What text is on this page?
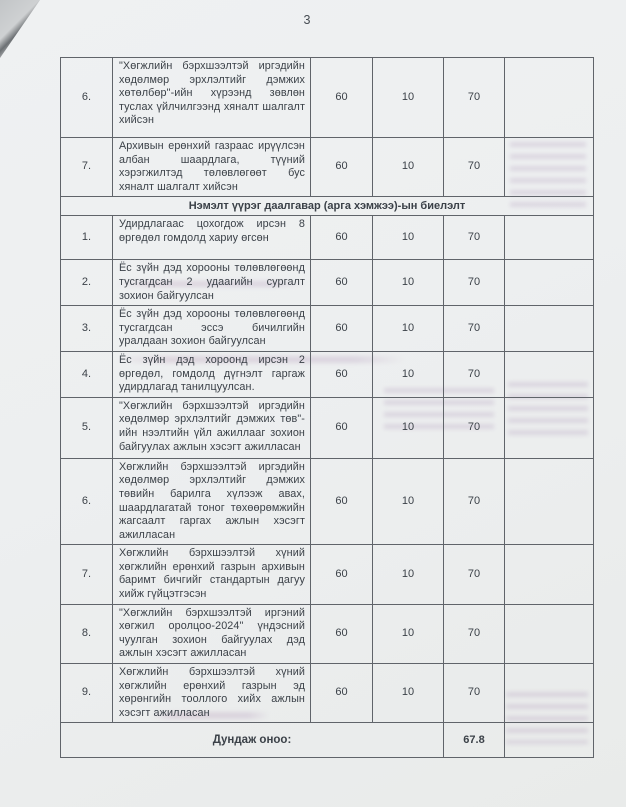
3
6.	"Хөгжлийн бэрхшээлтэй иргэдийн хөдөлмөр эрхлэлтийг дэмжих хөтөлбөр"-ийн хүрээнд зөвлөн туслах үйлчилгээнд хяналт шалгалт хийсэн	60	10	70	
7.	Архивын ерөнхий газраас ирүүлсэн албан шаардлага, түүний хэрэгжилтэд төлөвлөгөөт бус хяналт шалгалт хийсэн	60	10	70	
Нэмэлт үүрэг даалгавар (арга хэмжээ)-ын биелэлт					
1.	Удирдлагаас цохогдож ирсэн 8 өргөдөл гомдолд хариу өгсөн	60	10	70	
2.	Ёс зүйн дэд хорооны төлөвлөгөөнд тусгагдсан 2 удаагийн сургалт зохион байгуулсан	60	10	70	
3.	Ёс зүйн дэд хорооны төлөвлөгөөнд тусгагдсан эссэ бичилгийн уралдаан зохион байгуулсан	60	10	70	
4.	Ёс зүйн дэд хороонд ирсэн 2 өргөдөл, гомдолд дүгнэлт гаргаж удирдлагад танилцуулсан.	60	10	70	
5.	"Хөгжлийн бэрхшээлтэй иргэдийн хөдөлмөр эрхлэлтийг дэмжих төв"-ийн нээлтийн үйл ажиллааг зохион байгуулах ажлын хэсэгт ажилласан	60	10	70	
6.	Хөгжлийн бэрхшээлтэй иргэдийн хөдөлмөр эрхлэлтийг дэмжих төвийн барилга хүлээж авах, шаардлагатай тоног төхөөрөмжийн жагсаалт гаргах ажлын хэсэгт ажилласан	60	10	70	
7.	Хөгжлийн бэрхшээлтэй хүний хөгжлийн ерөнхий газрын архивын баримт бичгийг стандартын дагуу хийж гүйцэтгэсэн	60	10	70	
8.	"Хөгжлийн бэрхшээлтэй иргэний хөгжил оролцоо-2024" үндэсний чуулган зохион байгуулах дэд ажлын хэсэгт ажилласан	60	10	70	
9.	Хөгжлийн бэрхшээлтэй хүний хөгжлийн ерөнхий газрын эд хөрөнгийн тооллого хийх ажлын хэсэгт ажилласан	60	10	70	
Дундаж оноо:				67.8	
